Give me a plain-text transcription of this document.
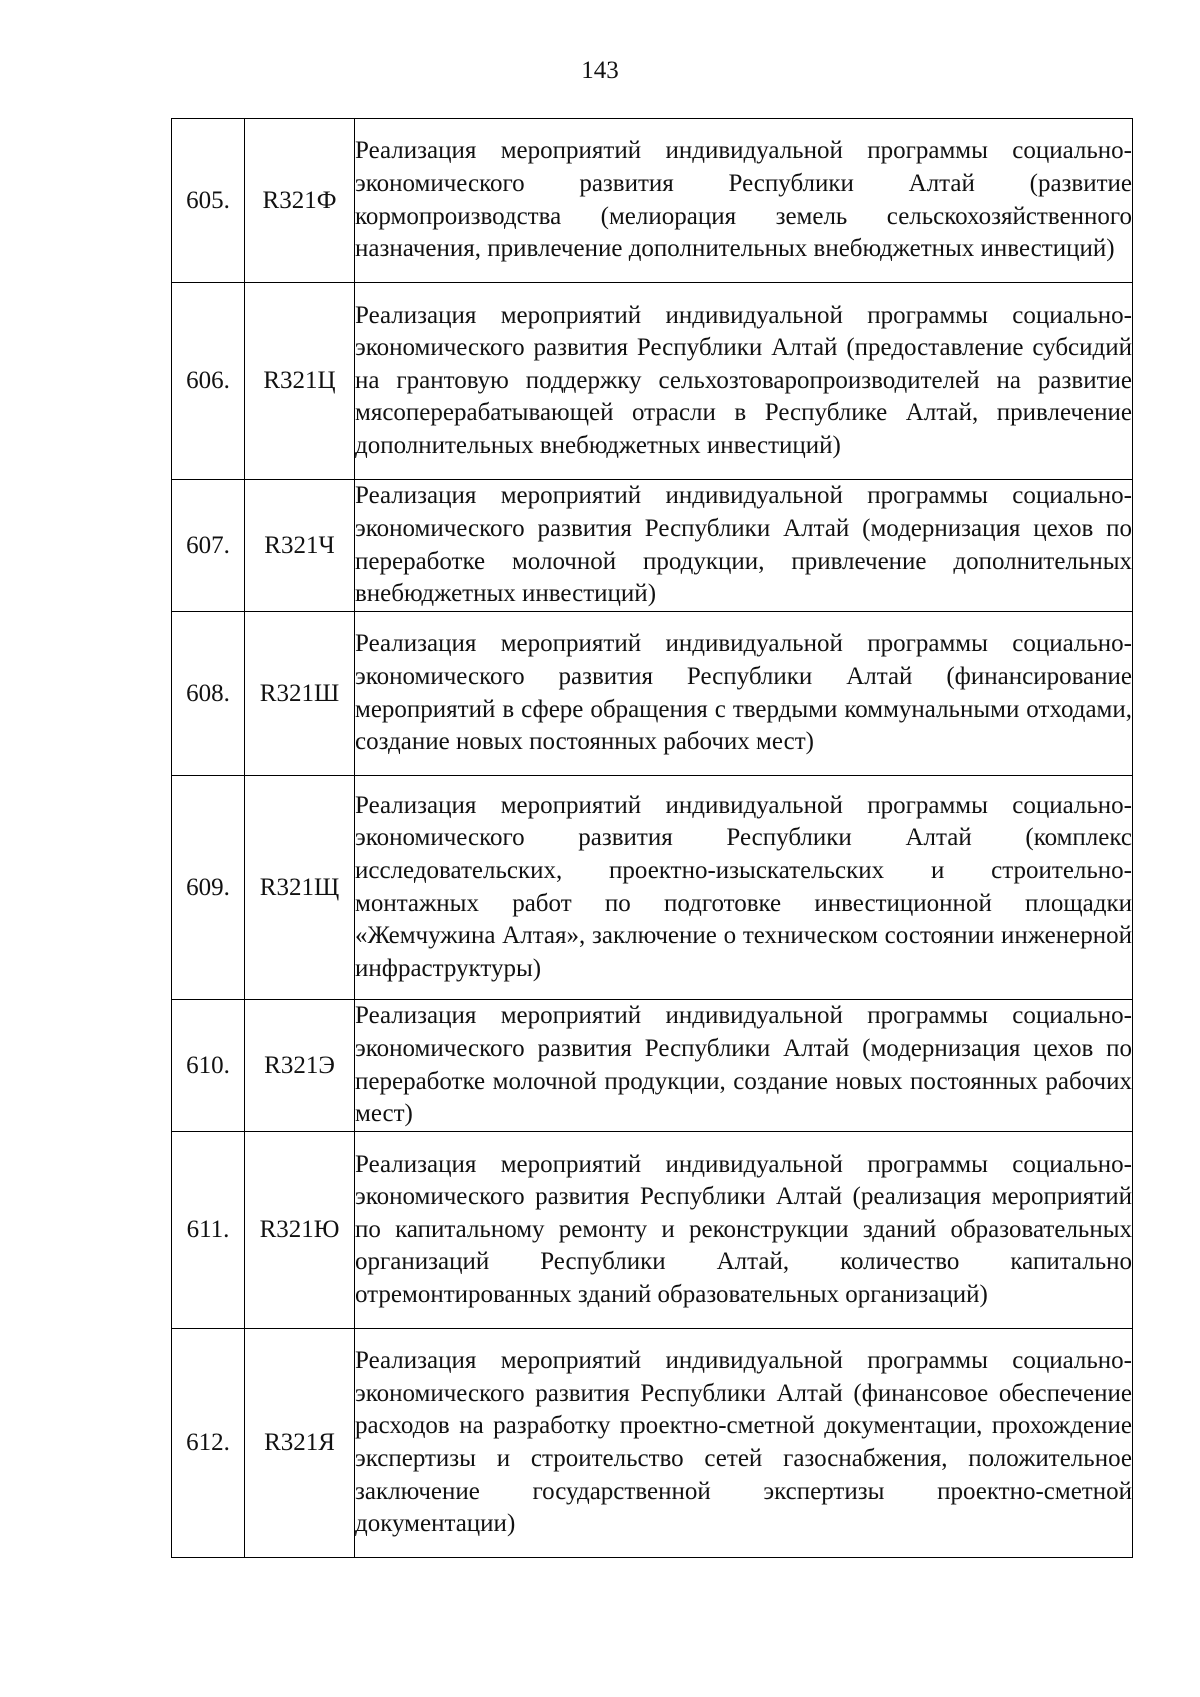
143
605.	R321Ф	Реализация мероприятий индивидуальной программы социально-экономического развития Республики Алтай (развитие кормопроизводства (мелиорация земель сельскохозяйственного назначения, привлечение дополнительных внебюджетных инвестиций)
606.	R321Ц	Реализация мероприятий индивидуальной программы социально-экономического развития Республики Алтай (предоставление субсидий на грантовую поддержку сельхозтоваропроизводителей на развитие мясоперерабатывающей отрасли в Республике Алтай, привлечение дополнительных внебюджетных инвестиций)
607.	R321Ч	Реализация мероприятий индивидуальной программы социально-экономического развития Республики Алтай (модернизация цехов по переработке молочной продукции, привлечение дополнительных внебюджетных инвестиций)
608.	R321Ш	Реализация мероприятий индивидуальной программы социально-экономического развития Республики Алтай (финансирование мероприятий в сфере обращения с твердыми коммунальными отходами, создание новых постоянных рабочих мест)
609.	R321Щ	Реализация мероприятий индивидуальной программы социально-экономического развития Республики Алтай (комплекс исследовательских, проектно-изыскательских и строительно-монтажных работ по подготовке инвестиционной площадки «Жемчужина Алтая», заключение о техническом состоянии инженерной инфраструктуры)
610.	R321Э	Реализация мероприятий индивидуальной программы социально-экономического развития Республики Алтай (модернизация цехов по переработке молочной продукции, создание новых постоянных рабочих мест)
611.	R321Ю	Реализация мероприятий индивидуальной программы социально-экономического развития Республики Алтай (реализация мероприятий по капитальному ремонту и реконструкции зданий образовательных организаций Республики Алтай, количество капитально отремонтированных зданий образовательных организаций)
612.	R321Я	Реализация мероприятий индивидуальной программы социально-экономического развития Республики Алтай (финансовое обеспечение расходов на разработку проектно-сметной документации, прохождение экспертизы и строительство сетей газоснабжения, положительное заключение государственной экспертизы проектно-сметной документации)
